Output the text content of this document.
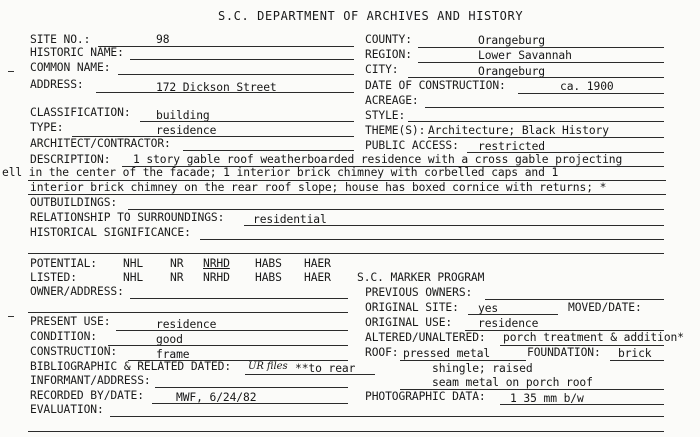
S.C. DEPARTMENT OF ARCHIVES AND HISTORY
SITE NO.:	98	COUNTY:	Orangeburg
HISTORIC NAME:	REGION:	Lower Savannah
COMMON NAME:	CITY:	Orangeburg
ADDRESS:	172 Dickson Street	DATE OF CONSTRUCTION:	ca. 1900
ACREAGE:
CLASSIFICATION: building	STYLE:
TYPE:	residence	THEME(S): Architecture; Black History
ARCHITECT/CONTRACTOR:	PUBLIC ACCESS: restricted
DESCRIPTION: 1 story gable roof weatherboarded residence with a cross gable projecting
ell in the center of the facade; 1 interior brick chimney with corbelled caps and 1
interior brick chimney on the rear roof slope; house has boxed cornice with returns; *
OUTBUILDINGS:
RELATIONSHIP TO SURROUNDINGS:	residential
HISTORICAL SIGNIFICANCE:
POTENTIAL: NHL NR NRHD HABS HAER
LISTED:	NHL NR NRHD HABS HAER S.C. MARKER PROGRAM
OWNER/ADDRESS:	PREVIOUS OWNERS:
ORIGINAL SITE: yes	MOVED/DATE:
PRESENT USE:	residence	ORIGINAL USE: residence
CONDITION:	good	ALTERED/UNALTERED: porch treatment & addition*
CONSTRUCTION:	frame	ROOF: pressed metal	FOUNDATION: brick
BIBLIOGRAPHIC & RELATED DATED: UR files **to rear	shingle; raised
INFORMANT/ADDRESS:	seam metal on porch roof
RECORDED BY/DATE:	MWF, 6/24/82	PHOTOGRAPHIC DATA: 1 35 mm b/w
EVALUATION:
